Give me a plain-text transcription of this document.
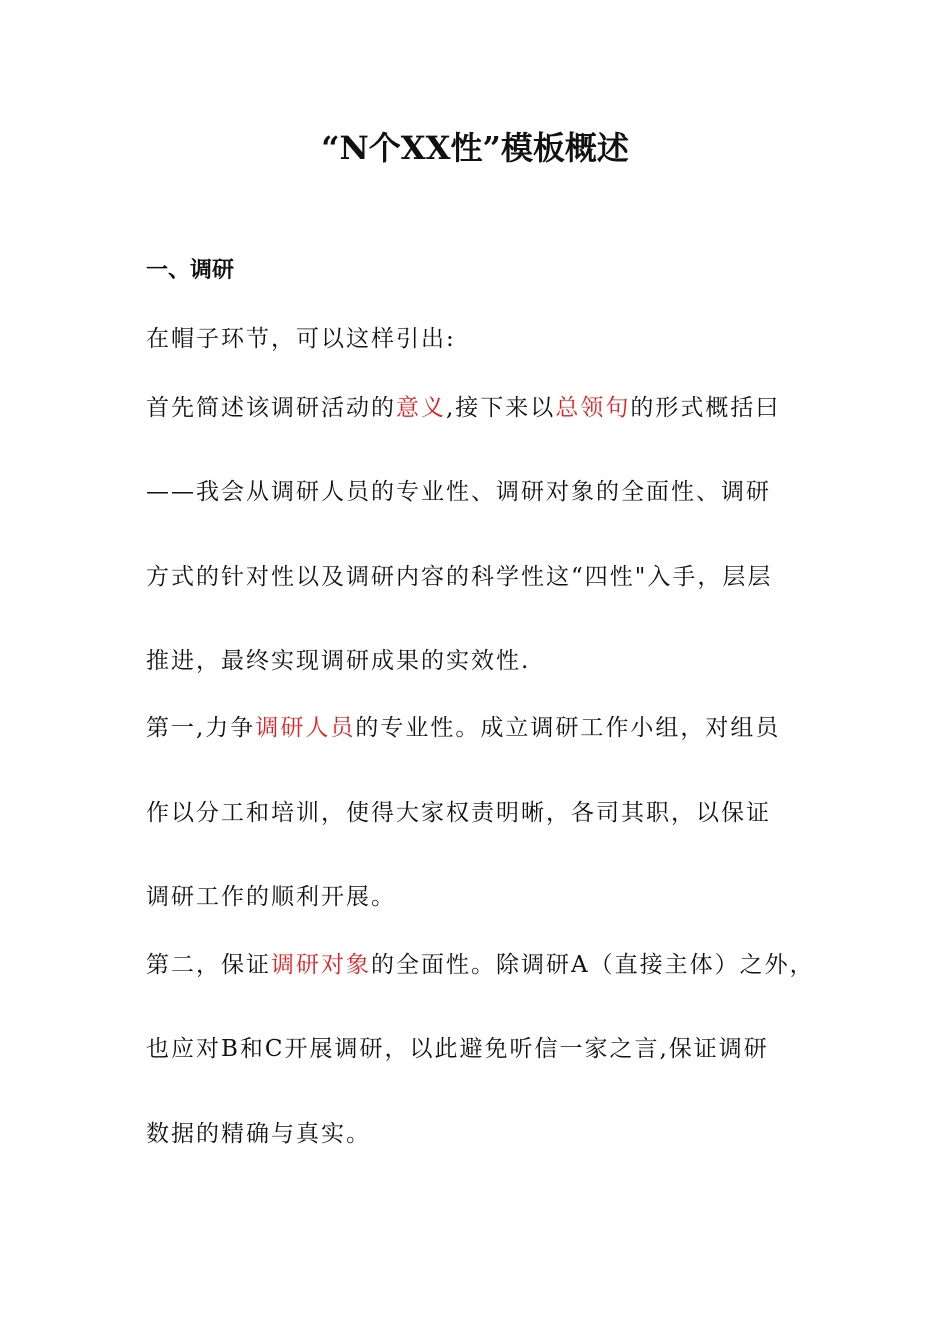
“N个XX性”模板概述
一、调研
在帽子环节，可以这样引出:
首先简述该调研活动的意义,接下来以总领句的形式概括曰
——我会从调研人员的专业性、调研对象的全面性、调研
方式的针对性以及调研内容的科学性这“四性"入手，层层
推进，最终实现调研成果的实效性.
第一,力争调研人员的专业性。成立调研工作小组，对组员
作以分工和培训，使得大家权责明晰，各司其职，以保证
调研工作的顺利开展。
第二，保证调研对象的全面性。除调研A（直接主体）之外，
也应对B和C开展调研，以此避免听信一家之言,保证调研
数据的精确与真实。
